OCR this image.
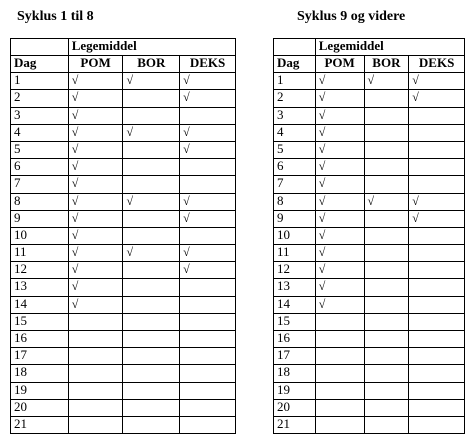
Syklus 1 til 8
	Legemiddel		
Dag	POM	BOR	DEKS
1	√	√	√
2	√		√
3	√		
4	√	√	√
5	√		√
6	√		
7	√		
8	√	√	√
9	√		√
10	√		
11	√	√	√
12	√		√
13	√		
14	√		
15			
16			
17			
18			
19			
20			
21			
Syklus 9 og videre
	Legemiddel		
Dag	POM	BOR	DEKS
1	√	√	√
2	√		√
3	√		
4	√		
5	√		
6	√		
7	√		
8	√	√	√
9	√		√
10	√		
11	√		
12	√		
13	√		
14	√		
15			
16			
17			
18			
19			
20			
21			
